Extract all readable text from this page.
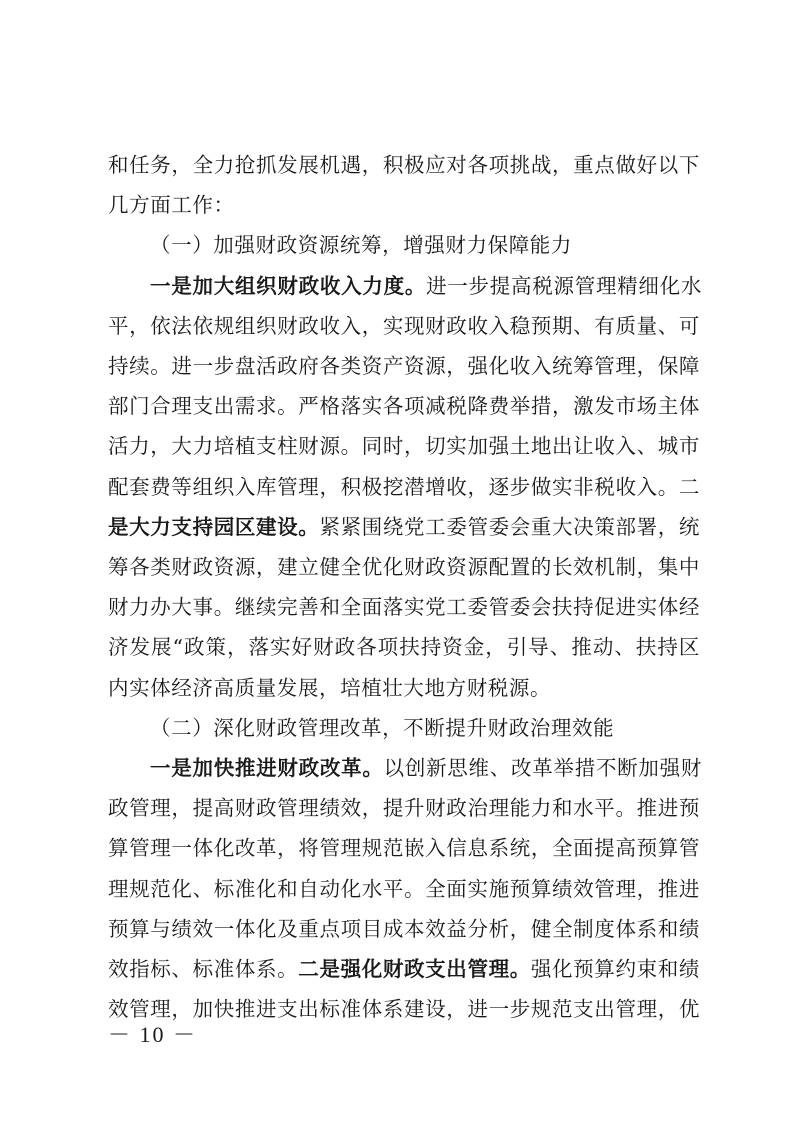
和任务，全力抢抓发展机遇，积极应对各项挑战，重点做好以下
几方面工作：
（一）加强财政资源统筹，增强财力保障能力
一是加大组织财政收入力度。进一步提高税源管理精细化水
平，依法依规组织财政收入，实现财政收入稳预期、有质量、可
持续。进一步盘活政府各类资产资源，强化收入统筹管理，保障
部门合理支出需求。严格落实各项减税降费举措，激发市场主体
活力，大力培植支柱财源。同时，切实加强土地出让收入、城市
配套费等组织入库管理，积极挖潜增收，逐步做实非税收入。二
是大力支持园区建设。紧紧围绕党工委管委会重大决策部署，统
筹各类财政资源，建立健全优化财政资源配置的长效机制，集中
财力办大事。继续完善和全面落实党工委管委会扶持促进实体经
济发展“政策，落实好财政各项扶持资金，引导、推动、扶持区
内实体经济高质量发展，培植壮大地方财税源。
（二）深化财政管理改革，不断提升财政治理效能
一是加快推进财政改革。以创新思维、改革举措不断加强财
政管理，提高财政管理绩效，提升财政治理能力和水平。推进预
算管理一体化改革，将管理规范嵌入信息系统，全面提高预算管
理规范化、标准化和自动化水平。全面实施预算绩效管理，推进
预算与绩效一体化及重点项目成本效益分析，健全制度体系和绩
效指标、标准体系。二是强化财政支出管理。强化预算约束和绩
效管理，加快推进支出标准体系建设，进一步规范支出管理，优
－ 10 －
